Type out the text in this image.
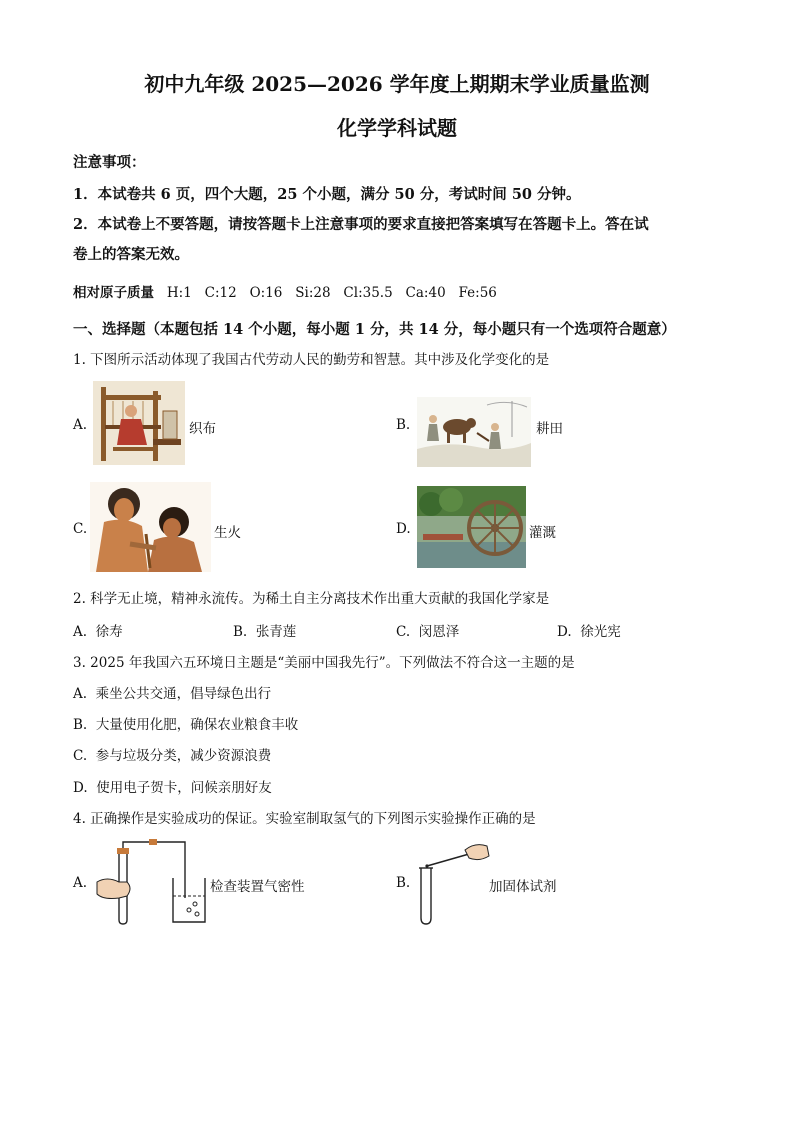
初中九年级 2025—2026 学年度上期期末学业质量监测
化学学科试题
注意事项：
1．本试卷共 6 页，四个大题，25 个小题，满分 50 分，考试时间 50 分钟。
2．本试卷上不要答题，请按答题卡上注意事项的要求直接把答案填写在答题卡上。答在试
卷上的答案无效。
相对原子质量 H:1   C:12   O:16   Si:28   Cl:35.5   Ca:40   Fe:56
一、选择题（本题包括 14 个小题，每小题 1 分，共 14 分，每小题只有一个选项符合题意）
1. 下图所示活动体现了我国古代劳动人民的勤劳和智慧。其中涉及化学变化的是
A.	织布	B.	耕田
C.	生火	D.	灌溉
2. 科学无止境，精神永流传。为稀土自主分离技术作出重大贡献的我国化学家是
A. 徐寿	B. 张青莲	C. 闵恩泽	D. 徐光宪
3. 2025 年我国六五环境日主题是“美丽中国我先行”。下列做法不符合这一主题的是
A. 乘坐公共交通，倡导绿色出行
B. 大量使用化肥，确保农业粮食丰收
C. 参与垃圾分类，减少资源浪费
D. 使用电子贺卡，问候亲朋好友
4. 正确操作是实验成功的保证。实验室制取氢气的下列图示实验操作正确的是
A.	检查装置气密性	B.	加固体试剂
